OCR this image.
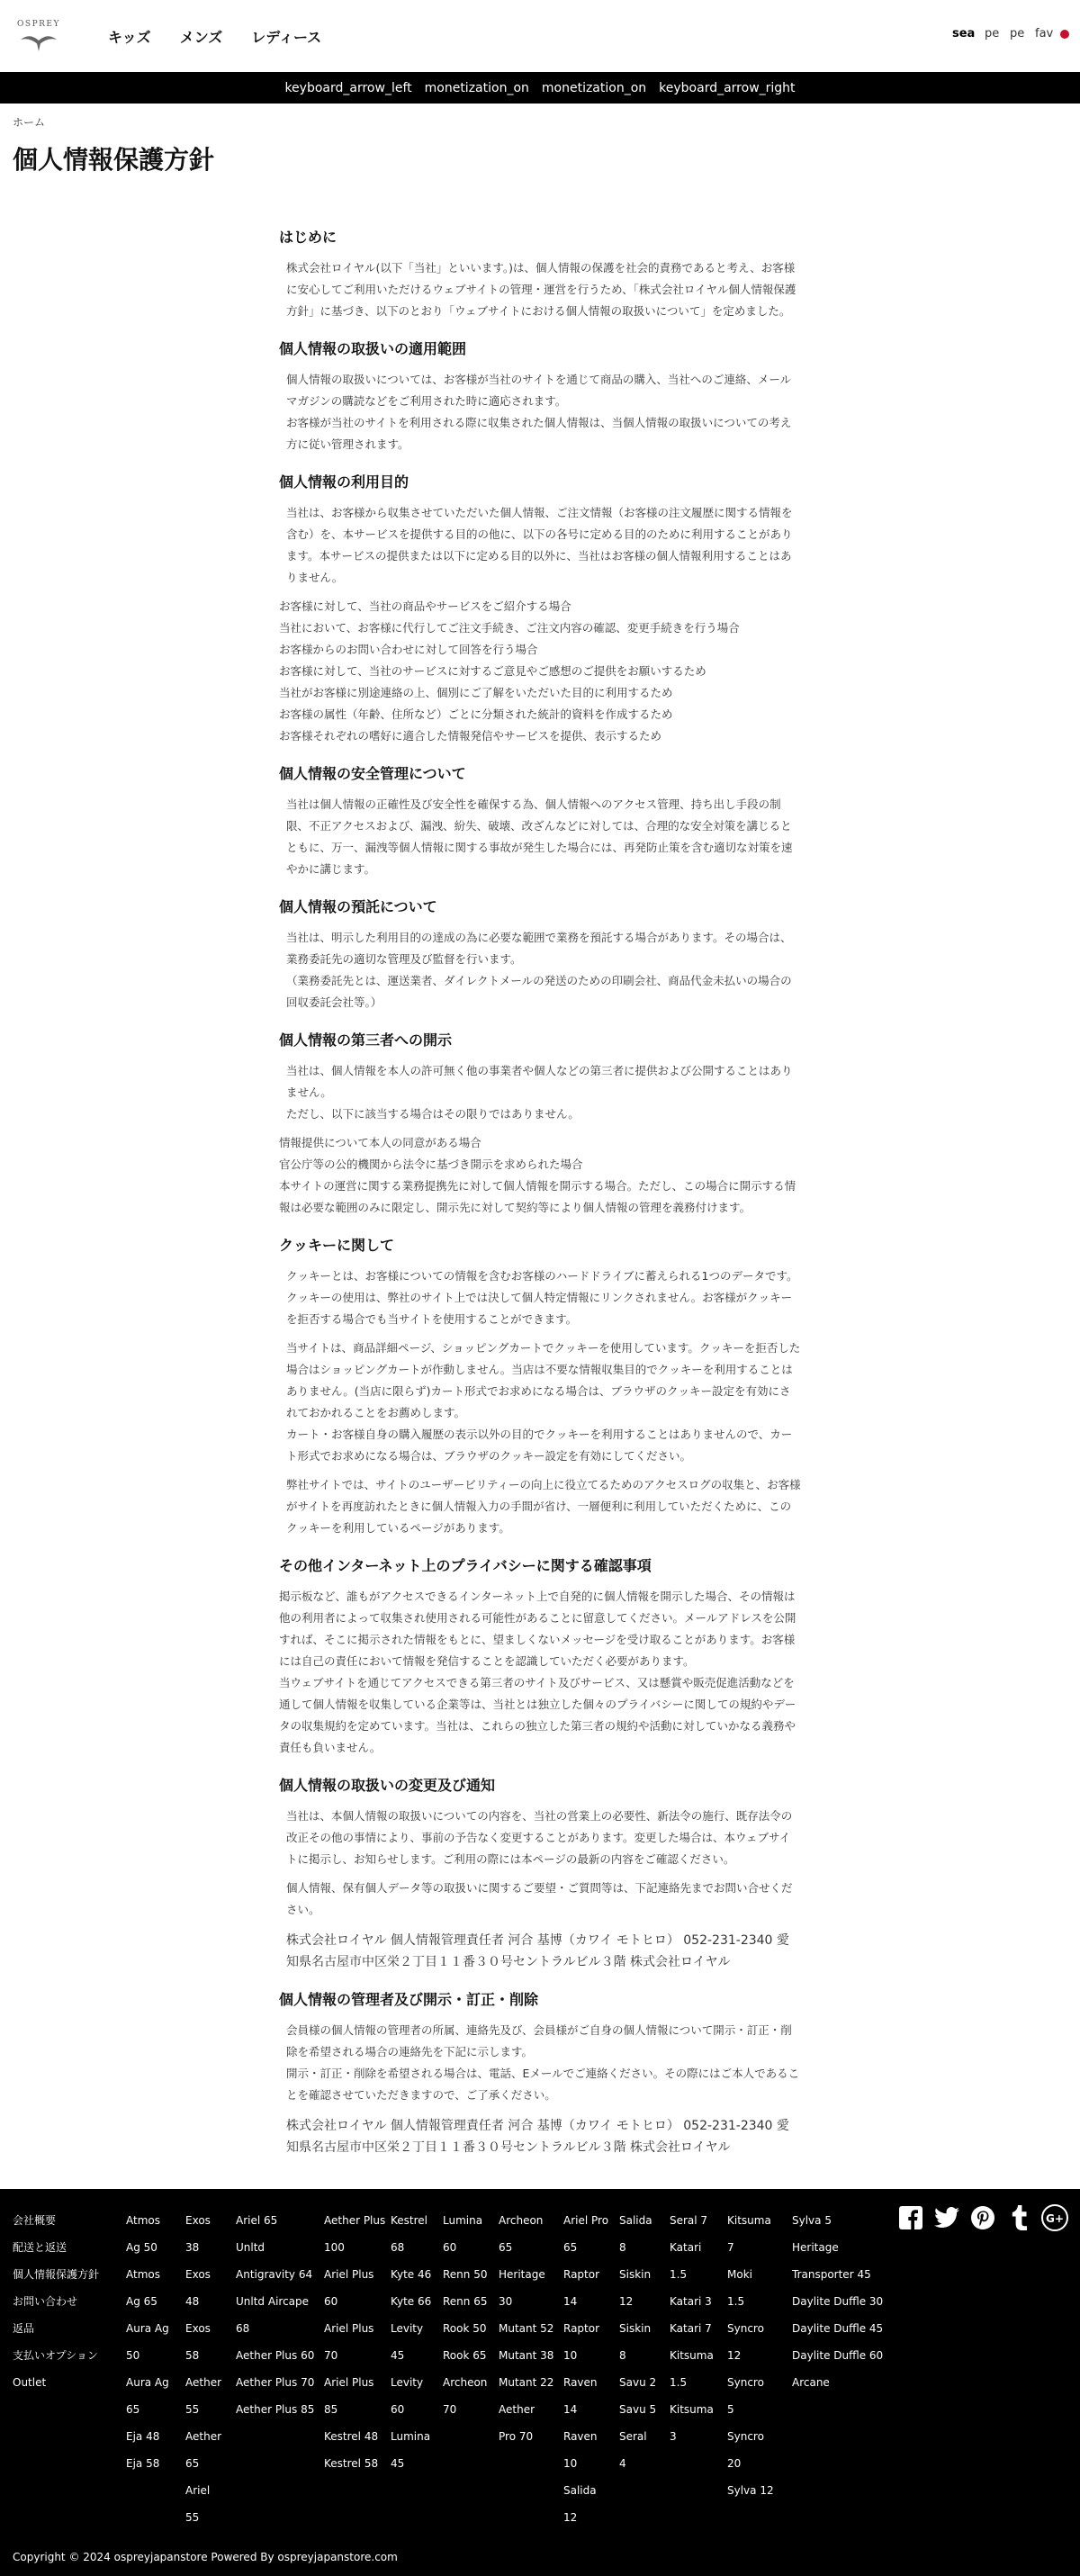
OSPREY
キッズ メンズ レディース	sea pe pe fav
keyboard_arrow_left monetization_on monetization_on keyboard_arrow_right
ホーム
個人情報保護方針
はじめに

株式会社ロイヤル(以下「当社」といいます。)は、個人情報の保護を社会的責務であると考え、お客様に安心してご利用いただけるウェブサイトの管理・運営を行うため、「株式会社ロイヤル個人情報保護方針」に基づき、以下のとおり「ウェブサイトにおける個人情報の取扱いについて」を定めました。

個人情報の取扱いの適用範囲

個人情報の取扱いについては、お客様が当社のサイトを通じて商品の購入、当社へのご連絡、メールマガジンの購読などをご利用された時に適応されます。
お客様が当社のサイトを利用される際に収集された個人情報は、当個人情報の取扱いについての考え方に従い管理されます。

個人情報の利用目的

当社は、お客様から収集させていただいた個人情報、ご注文情報（お客様の注文履歴に関する情報を含む）を、本サービスを提供する目的の他に、以下の各号に定める目的のために利用することがあります。本サービスの提供または以下に定める目的以外に、当社はお客様の個人情報利用することはありません。

お客様に対して、当社の商品やサービスをご紹介する場合
当社において、お客様に代行してご注文手続き、ご注文内容の確認、変更手続きを行う場合
お客様からのお問い合わせに対して回答を行う場合
お客様に対して、当社のサービスに対するご意見やご感想のご提供をお願いするため
当社がお客様に別途連絡の上、個別にご了解をいただいた目的に利用するため
お客様の属性（年齢、住所など）ごとに分類された統計的資料を作成するため
お客様それぞれの嗜好に適合した情報発信やサービスを提供、表示するため
個人情報の安全管理について

当社は個人情報の正確性及び安全性を確保する為、個人情報へのアクセス管理、持ち出し手段の制限、不正アクセスおよび、漏洩、紛失、破壊、改ざんなどに対しては、合理的な安全対策を講じるとともに、万一、漏洩等個人情報に関する事故が発生した場合には、再発防止策を含む適切な対策を速やかに講じます。

個人情報の預託について

当社は、明示した利用目的の達成の為に必要な範囲で業務を預託する場合があります。その場合は、業務委託先の適切な管理及び監督を行います。
（業務委託先とは、運送業者、ダイレクトメールの発送のための印刷会社、商品代金未払いの場合の回収委託会社等。）

個人情報の第三者への開示

当社は、個人情報を本人の許可無く他の事業者や個人などの第三者に提供および公開することはありません。
ただし、以下に該当する場合はその限りではありません。

情報提供について本人の同意がある場合
官公庁等の公的機関から法令に基づき開示を求められた場合
本サイトの運営に関する業務提携先に対して個人情報を開示する場合。ただし、この場合に開示する情報は必要な範囲のみに限定し、開示先に対して契約等により個人情報の管理を義務付けます。
クッキーに関して

クッキーとは、お客様についての情報を含むお客様のハードドライブに蓄えられる1つのデータです。クッキーの使用は、弊社のサイト上では決して個人特定情報にリンクされません。お客様がクッキーを拒否する場合でも当サイトを使用することができます。

当サイトは、商品詳細ページ、ショッピングカートでクッキーを使用しています。クッキーを拒否した場合はショッピングカートが作動しません。当店は不要な情報収集目的でクッキーを利用することはありません。(当店に限らず)カート形式でお求めになる場合は、ブラウザのクッキー設定を有効にされておかれることをお薦めします。
カート・お客様自身の購入履歴の表示以外の目的でクッキーを利用することはありませんので、カート形式でお求めになる場合は、ブラウザのクッキー設定を有効にしてください。

弊社サイトでは、サイトのユーザービリティーの向上に役立てるためのアクセスログの収集と、お客様がサイトを再度訪れたときに個人情報入力の手間が省け、一層便利に利用していただくために、このクッキーを利用しているページがあります。

その他インターネット上のプライバシーに関する確認事項

掲示板など、誰もがアクセスできるインターネット上で自発的に個人情報を開示した場合、その情報は他の利用者によって収集され使用される可能性があることに留意してください。メールアドレスを公開すれば、そこに掲示された情報をもとに、望ましくないメッセージを受け取ることがあります。お客様には自己の責任において情報を発信することを認識していただく必要があります。
当ウェブサイトを通じてアクセスできる第三者のサイト及びサービス、又は懸賞や販売促進活動などを通して個人情報を収集している企業等は、当社とは独立した個々のプライバシーに関しての規約やデータの収集規約を定めています。当社は、これらの独立した第三者の規約や活動に対していかなる義務や責任も負いません。

個人情報の取扱いの変更及び通知

当社は、本個人情報の取扱いについての内容を、当社の営業上の必要性、新法令の施行、既存法令の改正その他の事情により、事前の予告なく変更することがあります。変更した場合は、本ウェブサイトに掲示し、お知らせします。ご利用の際には本ページの最新の内容をご確認ください。

個人情報、保有個人データ等の取扱いに関するご要望・ご質問等は、下記連絡先までお問い合せください。

株式会社ロイヤル 個人情報管理責任者 河合 基博（カワイ モトヒロ） 052-231-2340 愛知県名古屋市中区栄２丁目１１番３０号セントラルビル３階 株式会社ロイヤル

個人情報の管理者及び開示・訂正・削除

会員様の個人情報の管理者の所属、連絡先及び、会員様がご自身の個人情報について開示・訂正・削除を希望される場合の連絡先を下記に示します。
開示・訂正・削除を希望される場合は、電話、Eメールでご連絡ください。その際にはご本人であることを確認させていただきますので、ご了承ください。

株式会社ロイヤル 個人情報管理責任者 河合 基博（カワイ モトヒロ） 052-231-2340 愛知県名古屋市中区栄２丁目１１番３０号セントラルビル３階 株式会社ロイヤル

会社概要
配送と返送
個人情報保護方針
お問い合わせ
返品
支払いオプション
Outlet
Atmos
Ag 50
Atmos
Ag 65
Aura Ag
50
Aura Ag
65
Eja 48
Eja 58
Exos
38
Exos
48
Exos
58
Aether
55
Aether
65
Ariel
55
Ariel 65
Unltd
Antigravity 64
Unltd Aircape
68
Aether Plus 60
Aether Plus 70
Aether Plus 85
Aether Plus
100
Ariel Plus
60
Ariel Plus
70
Ariel Plus
85
Kestrel 48
Kestrel 58
Kestrel
68
Kyte 46
Kyte 66
Levity
45
Levity
60
Lumina
45
Lumina
60
Renn 50
Renn 65
Rook 50
Rook 65
Archeon
70
Archeon
65
Heritage
30
Mutant 52
Mutant 38
Mutant 22
Aether
Pro 70
Ariel Pro
65
Raptor
14
Raptor
10
Raven
14
Raven
10
Salida
12
Salida
8
Siskin
12
Siskin
8
Savu 2
Savu 5
Seral
4
Seral 7
Katari
1.5
Katari 3
Katari 7
Kitsuma
1.5
Kitsuma
3
Kitsuma
7
Moki
1.5
Syncro
12
Syncro
5
Syncro
20
Sylva 12
Sylva 5
Heritage
Transporter 45
Daylite Duffle 30
Daylite Duffle 45
Daylite Duffle 60
Arcane
G+
Copyright © 2024 ospreyjapanstore Powered By ospreyjapanstore.com
